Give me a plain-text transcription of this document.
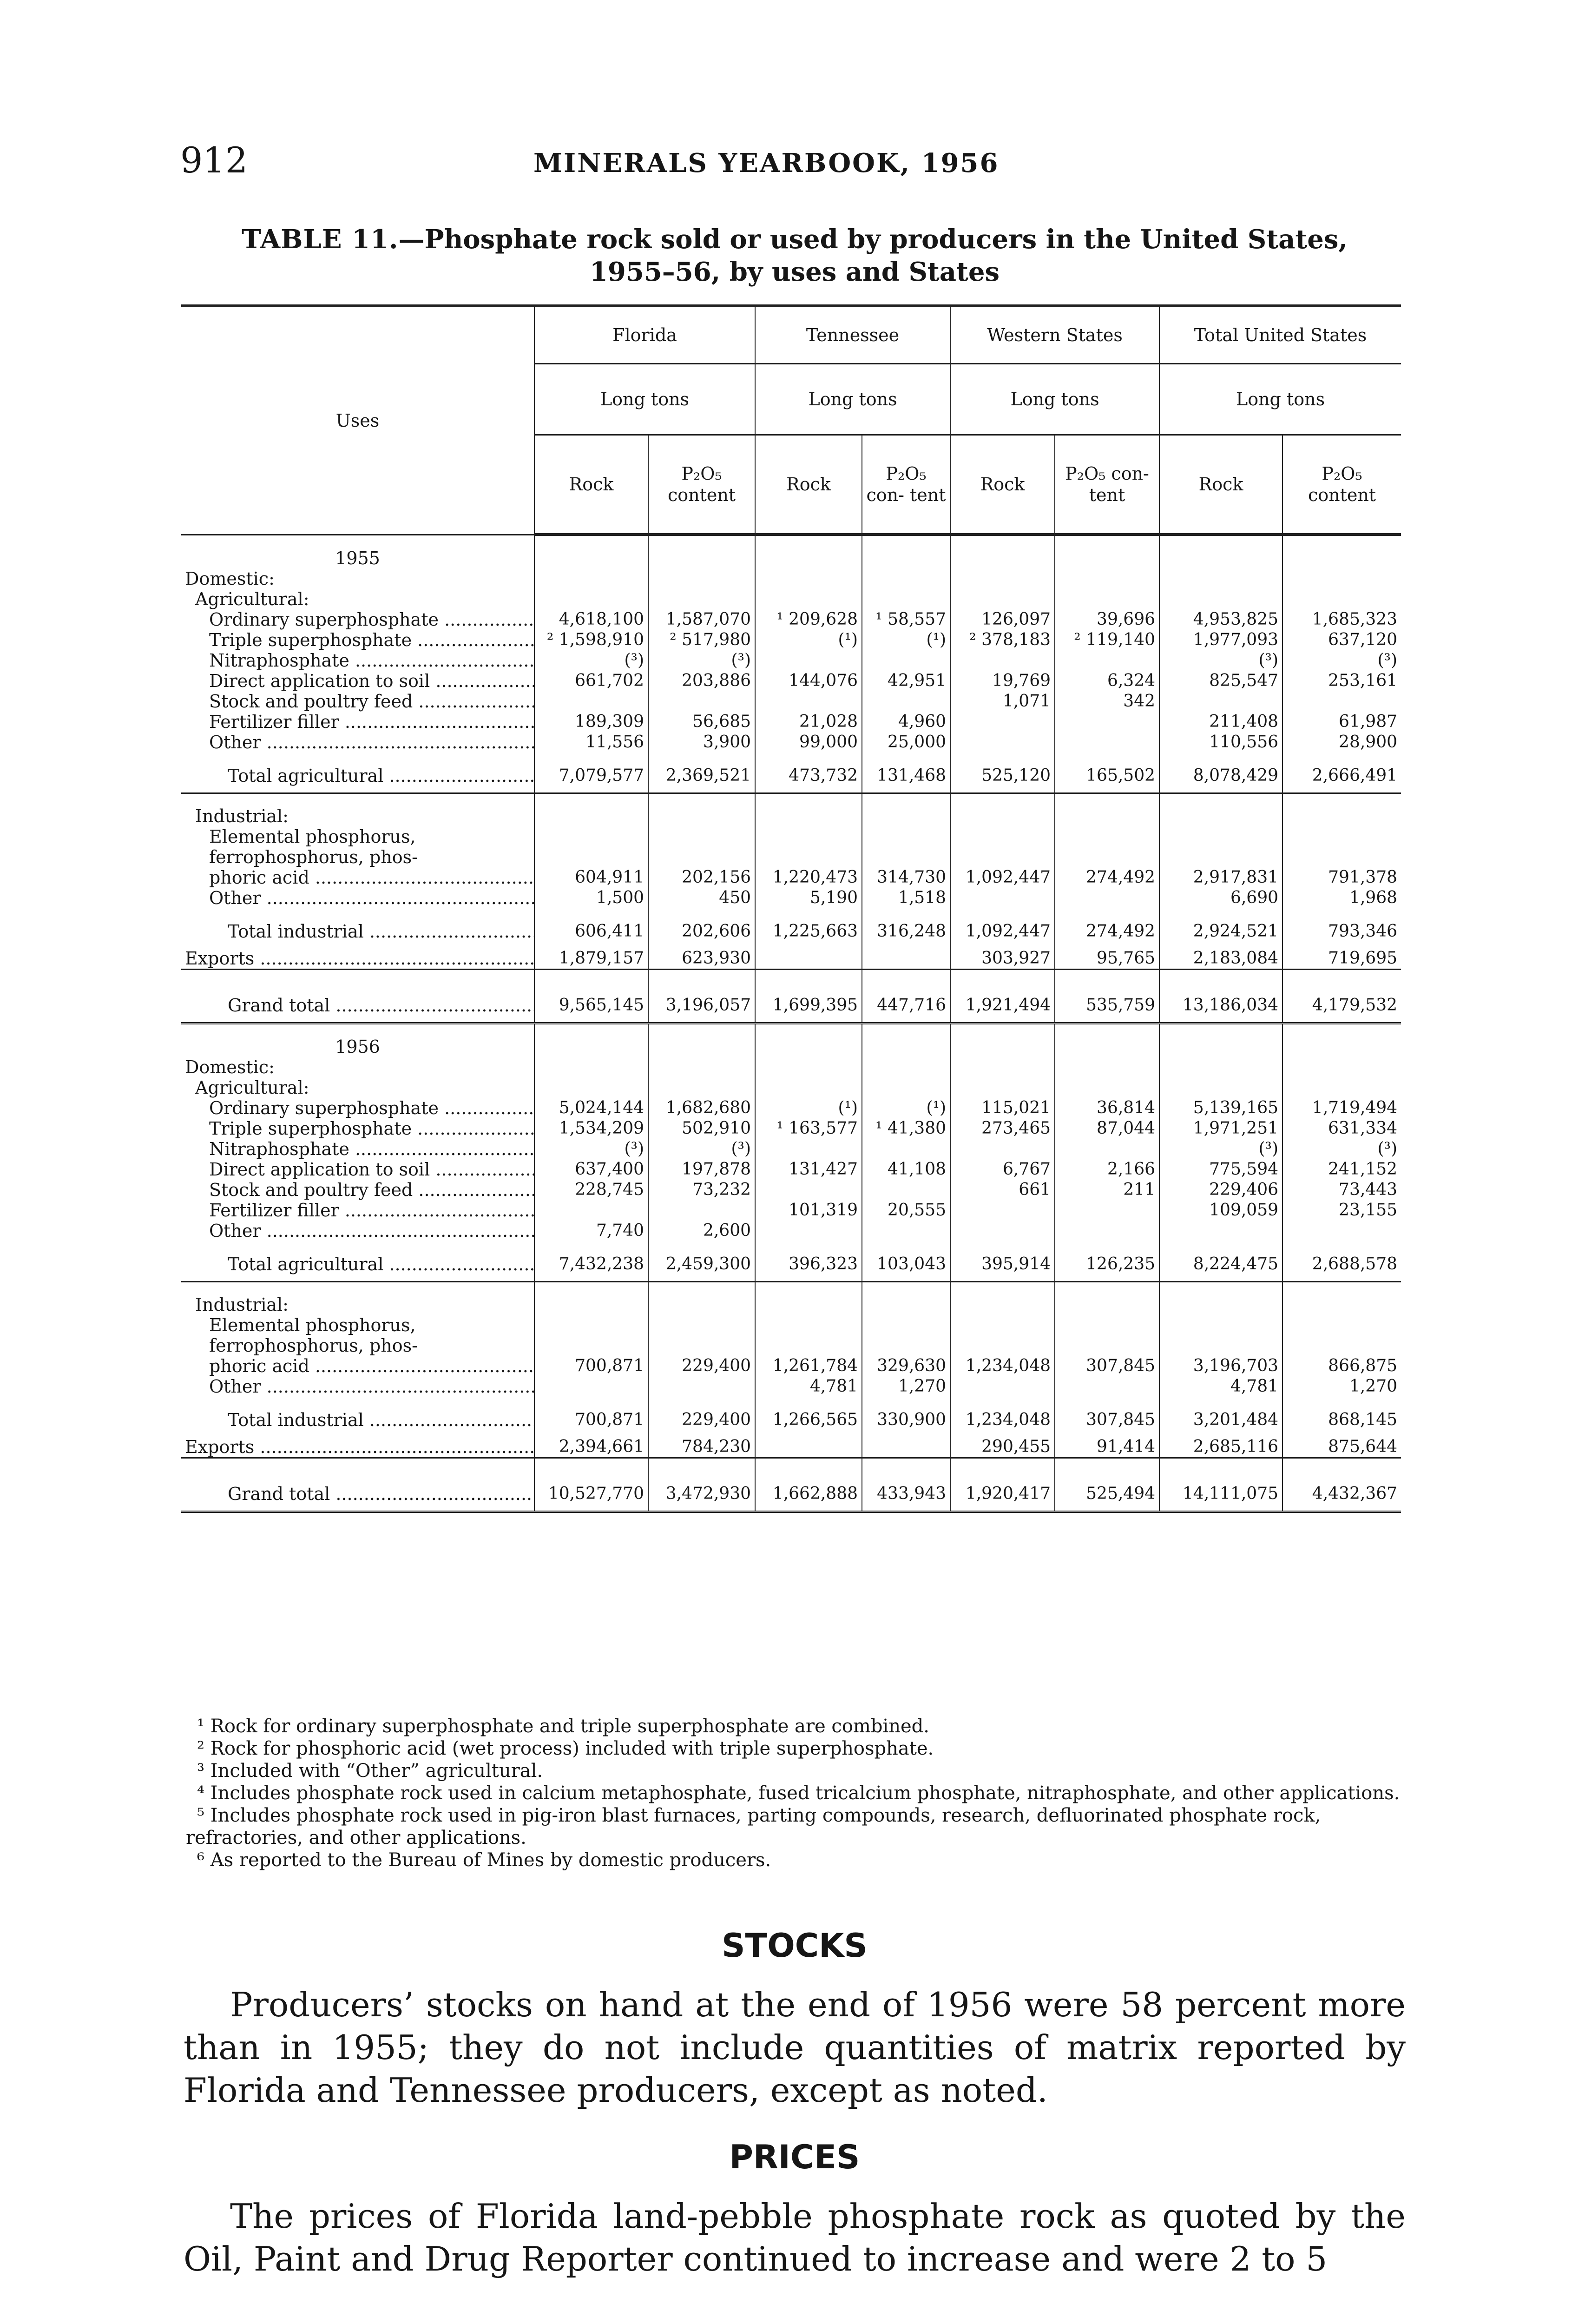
912	MINERALS YEARBOOK, 1956
TABLE 11.—Phosphate rock sold or used by producers in the United States,
1955–56, by uses and States
Uses	Florida		Tennessee		Western States		Total United States	
	Long tons		Long tons		Long tons		Long tons	
	Rock	P₂O₅ content	Rock	P₂O₅ con- tent	Rock	P₂O₅ con- tent	Rock	P₂O₅ content

1955								
Domestic:								
Agricultural:								
Ordinary superphosphate .....	4,618,100	1,587,070	¹ 209,628	¹ 58,557	126,097	39,696	4,953,825	1,685,323
Triple superphosphate .....	² 1,598,910	² 517,980	(¹)	(¹)	² 378,183	² 119,140	1,977,093	637,120
Nitraphosphate .....	(³)	(³)					(³)	(³)
Direct application to soil .....	661,702	203,886	144,076	42,951	19,769	6,324	825,547	253,161
Stock and poultry feed .....					1,071	342		
Fertilizer filler .....	189,309	56,685	21,028	4,960			211,408	61,987
Other .....	11,556	3,900	99,000	25,000			110,556	28,900
Total agricultural .....	7,079,577	2,369,521	473,732	131,468	525,120	165,502	8,078,429	2,666,491

Industrial:								
Elemental phosphorus,								
ferrophosphorus, phos-								
phoric acid .....	604,911	202,156	1,220,473	314,730	1,092,447	274,492	2,917,831	791,378
Other .....	1,500	450	5,190	1,518			6,690	1,968
Total industrial .....	606,411	202,606	1,225,663	316,248	1,092,447	274,492	2,924,521	793,346
Exports .....	1,879,157	623,930			303,927	95,765	2,183,084	719,695

Grand total .....	9,565,145	3,196,057	1,699,395	447,716	1,921,494	535,759	13,186,034	4,179,532

1956								
Domestic:								
Agricultural:								
Ordinary superphosphate .....	5,024,144	1,682,680	(¹)	(¹)	115,021	36,814	5,139,165	1,719,494
Triple superphosphate .....	1,534,209	502,910	¹ 163,577	¹ 41,380	273,465	87,044	1,971,251	631,334
Nitraphosphate .....	(³)	(³)					(³)	(³)
Direct application to soil .....	637,400	197,878	131,427	41,108	6,767	2,166	775,594	241,152
Stock and poultry feed .....	228,745	73,232			661	211	229,406	73,443
Fertilizer filler .....			101,319	20,555			109,059	23,155
Other .....	7,740	2,600						
Total agricultural .....	7,432,238	2,459,300	396,323	103,043	395,914	126,235	8,224,475	2,688,578

Industrial:								
Elemental phosphorus,								
ferrophosphorus, phos-								
phoric acid .....	700,871	229,400	1,261,784	329,630	1,234,048	307,845	3,196,703	866,875
Other .....			4,781	1,270			4,781	1,270
Total industrial .....	700,871	229,400	1,266,565	330,900	1,234,048	307,845	3,201,484	868,145
Exports .....	2,394,661	784,230			290,455	91,414	2,685,116	875,644

Grand total .....	10,527,770	3,472,930	1,662,888	433,943	1,920,417	525,494	14,111,075	4,432,367

¹ Rock for ordinary superphosphate and triple superphosphate are combined.

² Rock for phosphoric acid (wet process) included with triple superphosphate.

³ Included with “Other” agricultural.

⁴ Includes phosphate rock used in calcium metaphosphate, fused tricalcium phosphate, nitraphosphate, and other applications.

⁵ Includes phosphate rock used in pig-iron blast furnaces, parting compounds, research, defluorinated phosphate rock, refractories, and other applications.

⁶ As reported to the Bureau of Mines by domestic producers.

STOCKS

Producers’ stocks on hand at the end of 1956 were 58 percent more than in 1955; they do not include quantities of matrix reported by Florida and Tennessee producers, except as noted.

PRICES

The prices of Florida land-pebble phosphate rock as quoted by the Oil, Paint and Drug Reporter continued to increase and were 2 to 5
